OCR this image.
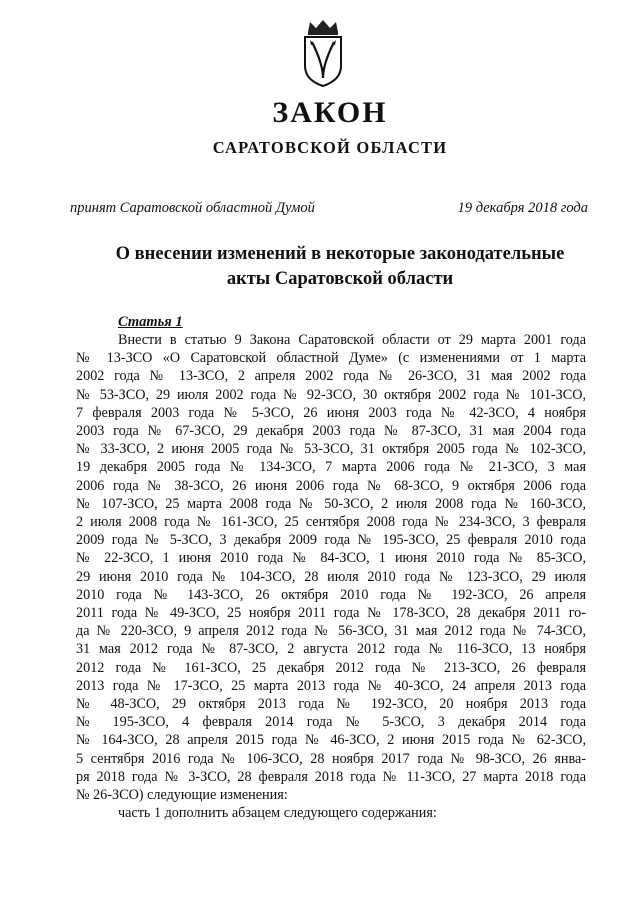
ЗАКОН
САРАТОВСКОЙ ОБЛАСТИ
принят Саратовской областной Думой	19 декабря 2018 года
О внесении изменений в некоторые законодательные
акты Саратовской области
Статья 1
Внести в статью 9 Закона Саратовской области от 29 марта 2001 года
№ 13-ЗСО «О Саратовской областной Думе» (с изменениями от 1 марта
2002 года № 13-ЗСО, 2 апреля 2002 года № 26-ЗСО, 31 мая 2002 года
№ 53-ЗСО, 29 июля 2002 года № 92-ЗСО, 30 октября 2002 года № 101-ЗСО,
7 февраля 2003 года № 5-ЗСО, 26 июня 2003 года № 42-ЗСО, 4 ноября
2003 года № 67-ЗСО, 29 декабря 2003 года № 87-ЗСО, 31 мая 2004 года
№ 33-ЗСО, 2 июня 2005 года № 53-ЗСО, 31 октября 2005 года № 102-ЗСО,
19 декабря 2005 года № 134-ЗСО, 7 марта 2006 года № 21-ЗСО, 3 мая
2006 года № 38-ЗСО, 26 июня 2006 года № 68-ЗСО, 9 октября 2006 года
№ 107-ЗСО, 25 марта 2008 года № 50-ЗСО, 2 июля 2008 года № 160-ЗСО,
2 июля 2008 года № 161-ЗСО, 25 сентября 2008 года № 234-ЗСО, 3 февраля
2009 года № 5-ЗСО, 3 декабря 2009 года № 195-ЗСО, 25 февраля 2010 года
№ 22-ЗСО, 1 июня 2010 года № 84-ЗСО, 1 июня 2010 года № 85-ЗСО,
29 июня 2010 года № 104-ЗСО, 28 июля 2010 года № 123-ЗСО, 29 июля
2010 года № 143-ЗСО, 26 октября 2010 года № 192-ЗСО, 26 апреля
2011 года № 49-ЗСО, 25 ноября 2011 года № 178-ЗСО, 28 декабря 2011 го-
да № 220-ЗСО, 9 апреля 2012 года № 56-ЗСО, 31 мая 2012 года № 74-ЗСО,
31 мая 2012 года № 87-ЗСО, 2 августа 2012 года № 116-ЗСО, 13 ноября
2012 года № 161-ЗСО, 25 декабря 2012 года № 213-ЗСО, 26 февраля
2013 года № 17-ЗСО, 25 марта 2013 года № 40-ЗСО, 24 апреля 2013 года
№ 48-ЗСО, 29 октября 2013 года № 192-ЗСО, 20 ноября 2013 года
№ 195-ЗСО, 4 февраля 2014 года № 5-ЗСО, 3 декабря 2014 года
№ 164-ЗСО, 28 апреля 2015 года № 46-ЗСО, 2 июня 2015 года № 62-ЗСО,
5 сентября 2016 года № 106-ЗСО, 28 ноября 2017 года № 98-ЗСО, 26 янва-
ря 2018 года № 3-ЗСО, 28 февраля 2018 года № 11-ЗСО, 27 марта 2018 года
№ 26-ЗСО) следующие изменения:
часть 1 дополнить абзацем следующего содержания:
